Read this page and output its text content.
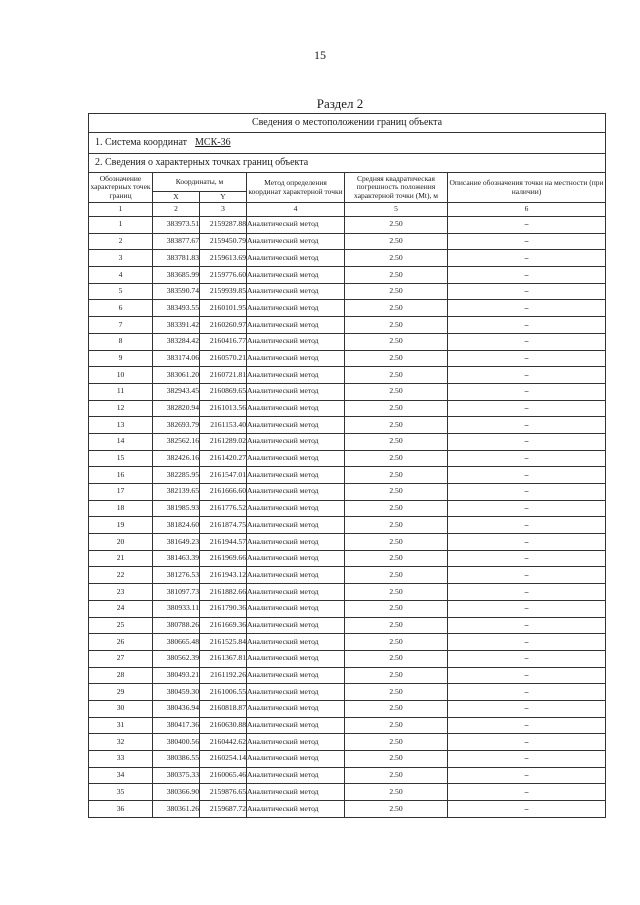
15
Раздел 2
Сведения о местоположении границ объекта					
1. Система координат МСК-36					
2. Сведения о характерных точках границ объекта					
Обозначение характерных точек границ	Координаты, м		Метод определения координат характерной точки	Средняя квадратическая погрешность положения характерной точки (Mt), м	Описание обозначения точки на местности (при наличии)
	X	Y			
1	2	3	4	5	6
1	383973.51	2159287.88	Аналитический метод	2.50	–
2	383877.67	2159450.79	Аналитический метод	2.50	–
3	383781.83	2159613.69	Аналитический метод	2.50	–
4	383685.99	2159776.60	Аналитический метод	2.50	–
5	383590.74	2159939.85	Аналитический метод	2.50	–
6	383493.55	2160101.95	Аналитический метод	2.50	–
7	383391.42	2160260.97	Аналитический метод	2.50	–
8	383284.42	2160416.77	Аналитический метод	2.50	–
9	383174.06	2160570.21	Аналитический метод	2.50	–
10	383061.20	2160721.81	Аналитический метод	2.50	–
11	382943.45	2160869.65	Аналитический метод	2.50	–
12	382820.94	2161013.56	Аналитический метод	2.50	–
13	382693.79	2161153.40	Аналитический метод	2.50	–
14	382562.16	2161289.02	Аналитический метод	2.50	–
15	382426.16	2161420.27	Аналитический метод	2.50	–
16	382285.95	2161547.01	Аналитический метод	2.50	–
17	382139.65	2161666.60	Аналитический метод	2.50	–
18	381985.93	2161776.52	Аналитический метод	2.50	–
19	381824.60	2161874.75	Аналитический метод	2.50	–
20	381649.23	2161944.57	Аналитический метод	2.50	–
21	381463.39	2161969.66	Аналитический метод	2.50	–
22	381276.53	2161943.12	Аналитический метод	2.50	–
23	381097.73	2161882.66	Аналитический метод	2.50	–
24	380933.11	2161790.36	Аналитический метод	2.50	–
25	380788.26	2161669.36	Аналитический метод	2.50	–
26	380665.48	2161525.84	Аналитический метод	2.50	–
27	380562.39	2161367.81	Аналитический метод	2.50	–
28	380493.21	2161192.26	Аналитический метод	2.50	–
29	380459.30	2161006.55	Аналитический метод	2.50	–
30	380436.94	2160818.87	Аналитический метод	2.50	–
31	380417.36	2160630.88	Аналитический метод	2.50	–
32	380400.56	2160442.62	Аналитический метод	2.50	–
33	380386.55	2160254.14	Аналитический метод	2.50	–
34	380375.33	2160065.46	Аналитический метод	2.50	–
35	380366.90	2159876.65	Аналитический метод	2.50	–
36	380361.26	2159687.72	Аналитический метод	2.50	–
